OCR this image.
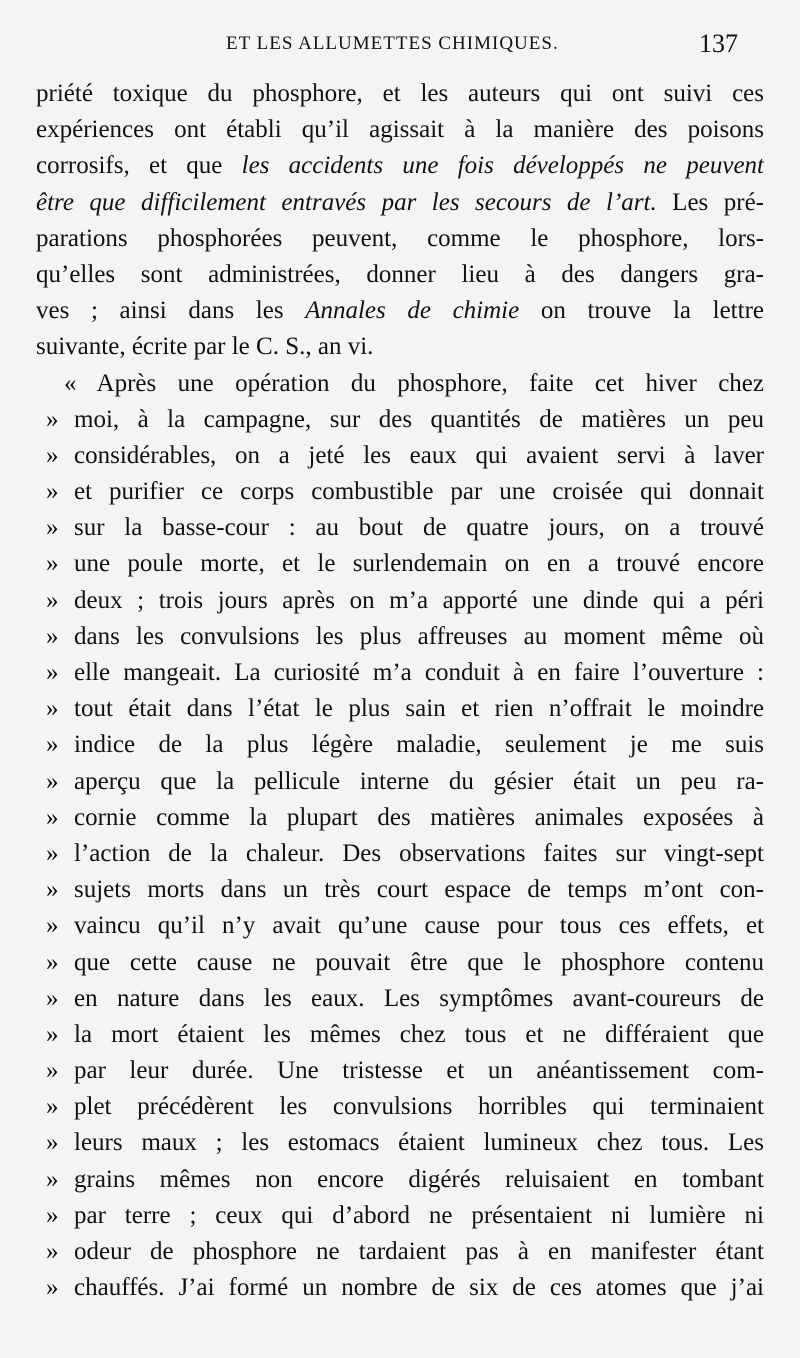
ET LES ALLUMETTES CHIMIQUES.	137
priété toxique du phosphore, et les auteurs qui ont suivi ces
expériences ont établi qu’il agissait à la manière des poisons
corrosifs, et que les accidents une fois développés ne peuvent
être que difficilement entravés par les secours de l’art. Les pré-
parations phosphorées peuvent, comme le phosphore, lors-
qu’elles sont administrées, donner lieu à des dangers gra-
ves ; ainsi dans les Annales de chimie on trouve la lettre
suivante, écrite par le C. S., an vi.
« Après une opération du phosphore, faite cet hiver chez
» moi, à la campagne, sur des quantités de matières un peu
» considérables, on a jeté les eaux qui avaient servi à laver
» et purifier ce corps combustible par une croisée qui donnait
» sur la basse-cour : au bout de quatre jours, on a trouvé
» une poule morte, et le surlendemain on en a trouvé encore
» deux ; trois jours après on m’a apporté une dinde qui a péri
» dans les convulsions les plus affreuses au moment même où
» elle mangeait. La curiosité m’a conduit à en faire l’ouverture :
» tout était dans l’état le plus sain et rien n’offrait le moindre
» indice de la plus légère maladie, seulement je me suis
» aperçu que la pellicule interne du gésier était un peu ra-
» cornie comme la plupart des matières animales exposées à
» l’action de la chaleur. Des observations faites sur vingt-sept
» sujets morts dans un très court espace de temps m’ont con-
» vaincu qu’il n’y avait qu’une cause pour tous ces effets, et
» que cette cause ne pouvait être que le phosphore contenu
» en nature dans les eaux. Les symptômes avant-coureurs de
» la mort étaient les mêmes chez tous et ne différaient que
» par leur durée. Une tristesse et un anéantissement com-
» plet précédèrent les convulsions horribles qui terminaient
» leurs maux ; les estomacs étaient lumineux chez tous. Les
» grains mêmes non encore digérés reluisaient en tombant
» par terre ; ceux qui d’abord ne présentaient ni lumière ni
» odeur de phosphore ne tardaient pas à en manifester étant
» chauffés. J’ai formé un nombre de six de ces atomes que j’ai
